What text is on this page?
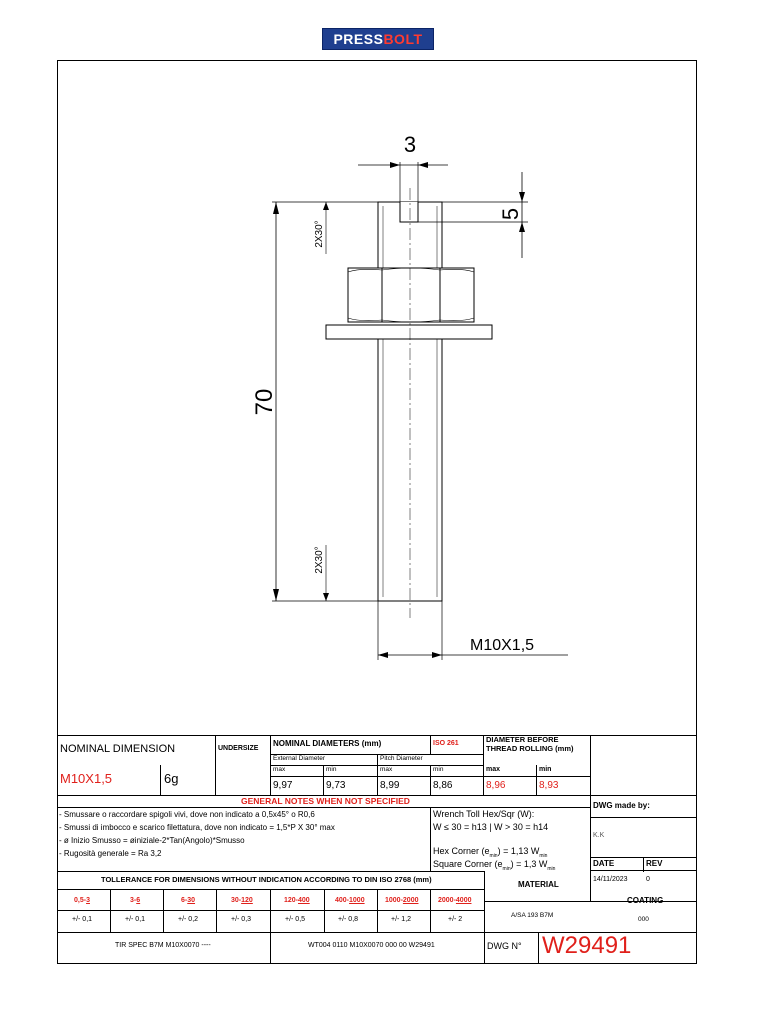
PRESS BOLT
3
5
70
2X30°
2X30°
M10X1,5
NOMINAL DIMENSION	UNDERSIZE
NOMINAL DIAMETERS (mm)	ISO 261	DIAMETER BEFORE THREAD ROLLING (mm)
External Diameter	Pitch Diameter
max	min	max	min	max	min
M10X1,5	6g	9,97	9,73	8,99	8,86	8,96	8,93
GENERAL NOTES WHEN NOT SPECIFIED
- Smussare o raccordare spigoli vivi, dove non indicato a 0,5x45° o R0,6
- Smussi di imbocco e scarico filettatura, dove non indicato = 1,5*P X 30° max
- ø Inizio Smusso = øiniziale-2*Tan(Angolo)*Smusso
- Rugosità generale = Ra 3,2
Wrench Toll Hex/Sqr (W):
W ≤ 30 = h13 | W > 30 = h14
Hex Corner $(e_{min}) = 1,13$ $W_{min}$
Square Corner $(e_{min}) = 1,3$ $W_{min}$
DWG made by:
K.K
DATE	REV
14/11/2023	0
TOLLERANCE FOR DIMENSIONS WITHOUT INDICATION ACCORDING TO DIN ISO 2768 (mm)
0,5-3	3-6	6-30	30-120	120-400	400-1000	1000-2000	2000-4000
+/- 0,1	+/- 0,1	+/- 0,2	+/- 0,3	+/- 0,5	+/- 0,8	+/- 1,2	+/- 2
MATERIAL
A/SA 193 B7M
COATING
000
TIR SPEC B7M M10X0070 ----	WT004 0110 M10X0070 000 00 W29491	DWG N° W29491
